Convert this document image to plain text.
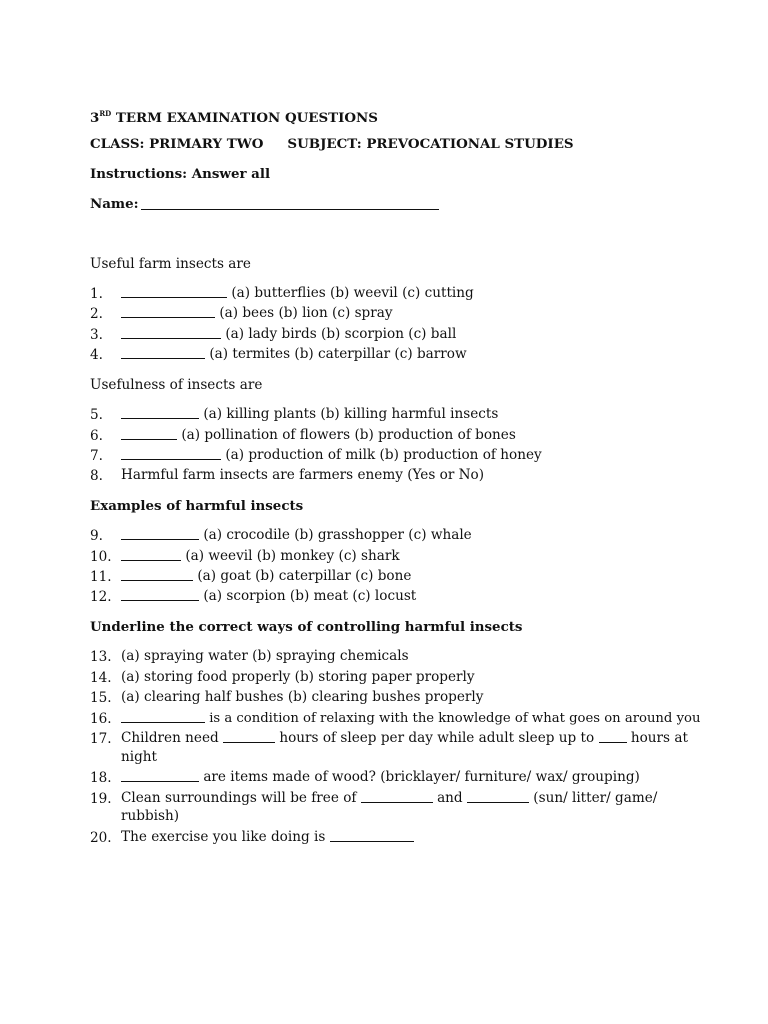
3RD TERM EXAMINATION QUESTIONS
CLASS: PRIMARY TWO SUBJECT: PREVOCATIONAL STUDIES
Instructions: Answer all
Name:
Useful farm insects are
1.	(a) butterflies (b) weevil (c) cutting
2.	(a) bees (b) lion (c) spray
3.	(a) lady birds (b) scorpion (c) ball
4.	(a) termites (b) caterpillar (c) barrow
Usefulness of insects are
5.	(a) killing plants (b) killing harmful insects
6.	(a) pollination of flowers (b) production of bones
7.	(a) production of milk (b) production of honey
8.	Harmful farm insects are farmers enemy (Yes or No)
Examples of harmful insects
9.	(a) crocodile (b) grasshopper (c) whale
10.	(a) weevil (b) monkey (c) shark
11.	(a) goat (b) caterpillar (c) bone
12.	(a) scorpion (b) meat (c) locust
Underline the correct ways of controlling harmful insects
13. (a) spraying water (b) spraying chemicals
14. (a) storing food properly (b) storing paper properly
15. (a) clearing half bushes (b) clearing bushes properly
16.	is a condition of relaxing with the knowledge of what goes on around you
17. Children need	hours of sleep per day while adult sleep up to  hours at
night
18.	are items made of wood? (bricklayer/ furniture/ wax/ grouping)
19. Clean surroundings will be free of	and	(sun/ litter/ game/
rubbish)
20. The exercise you like doing is
